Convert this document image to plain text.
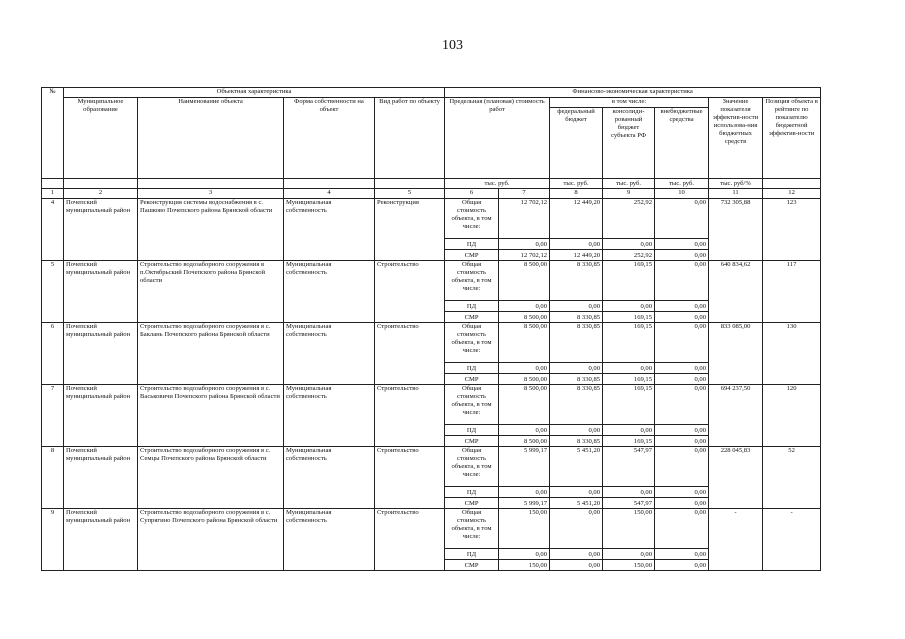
103
№	Объектная характеристика				Финансово-экономическая характеристика						
	Муниципальное образование	Наименование объекта	Форма собственности на объект	Вид работ по объекту	Предельная (плановая) стоимость работ		в том числе:			Значение показателя эффектив-ности использова-ния бюджетных средств	Позиция объекта в рейтинге по показателю бюджетной эффектив-ности
							федеральный бюджет	консолиди-рованный бюджет субъекта РФ	внебюджетные средства		
					тыс. руб.		тыс. руб.	тыс. руб.	тыс. руб.	тыс. руб/%	
1	2	3	4	5	6	7	8	9	10	11	12
4	Почепский муниципальный район	Реконструкция системы водоснабжения в с. Пашково Почепского района Брянской области	Муниципальная собственность	Реконструкция	Общая стоимость объекта, в том числе:	12 702,12	12 449,20	252,92	0,00	732 305,88	123
					ПД	0,00	0,00	0,00	0,00		
					СМР	12 702,12	12 449,20	252,92	0,00		
5	Почепский муниципальный район	Строительство водозаборного сооружения в п.Октябрьский Почепского района Брянской области	Муниципальная собственность	Строительство	Общая стоимость объекта, в том числе:	8 500,00	8 330,85	169,15	0,00	640 834,62	117
					ПД	0,00	0,00	0,00	0,00		
					СМР	8 500,00	8 330,85	169,15	0,00		
6	Почепский муниципальный район	Строительство водозаборного сооружения в с. Баклань Почепского района Брянской области	Муниципальная собственность	Строительство	Общая стоимость объекта, в том числе:	8 500,00	8 330,85	169,15	0,00	833 085,00	130
					ПД	0,00	0,00	0,00	0,00		
					СМР	8 500,00	8 330,85	169,15	0,00		
7	Почепский муниципальный район	Строительство водозаборного сооружения в с. Васьковичи Почепского района Брянской области	Муниципальная собственность	Строительство	Общая стоимость объекта, в том числе:	8 500,00	8 330,85	169,15	0,00	694 237,50	120
					ПД	0,00	0,00	0,00	0,00		
					СМР	8 500,00	8 330,85	169,15	0,00		
8	Почепский муниципальный район	Строительство водозаборного сооружения в с. Семцы Почепского района Брянской области	Муниципальная собственность	Строительство	Общая стоимость объекта, в том числе:	5 999,17	5 451,20	547,97	0,00	228 045,83	52
					ПД	0,00	0,00	0,00	0,00		
					СМР	5 999,17	5 451,20	547,97	0,00		
9	Почепский муниципальный район	Строительство водозаборного сооружения в с. Супрягино Почепского района Брянской области	Муниципальная собственность	Строительство	Общая стоимость объекта, в том числе:	150,00	0,00	150,00	0,00	-	-
					ПД	0,00	0,00	0,00	0,00		
					СМР	150,00	0,00	150,00	0,00		
